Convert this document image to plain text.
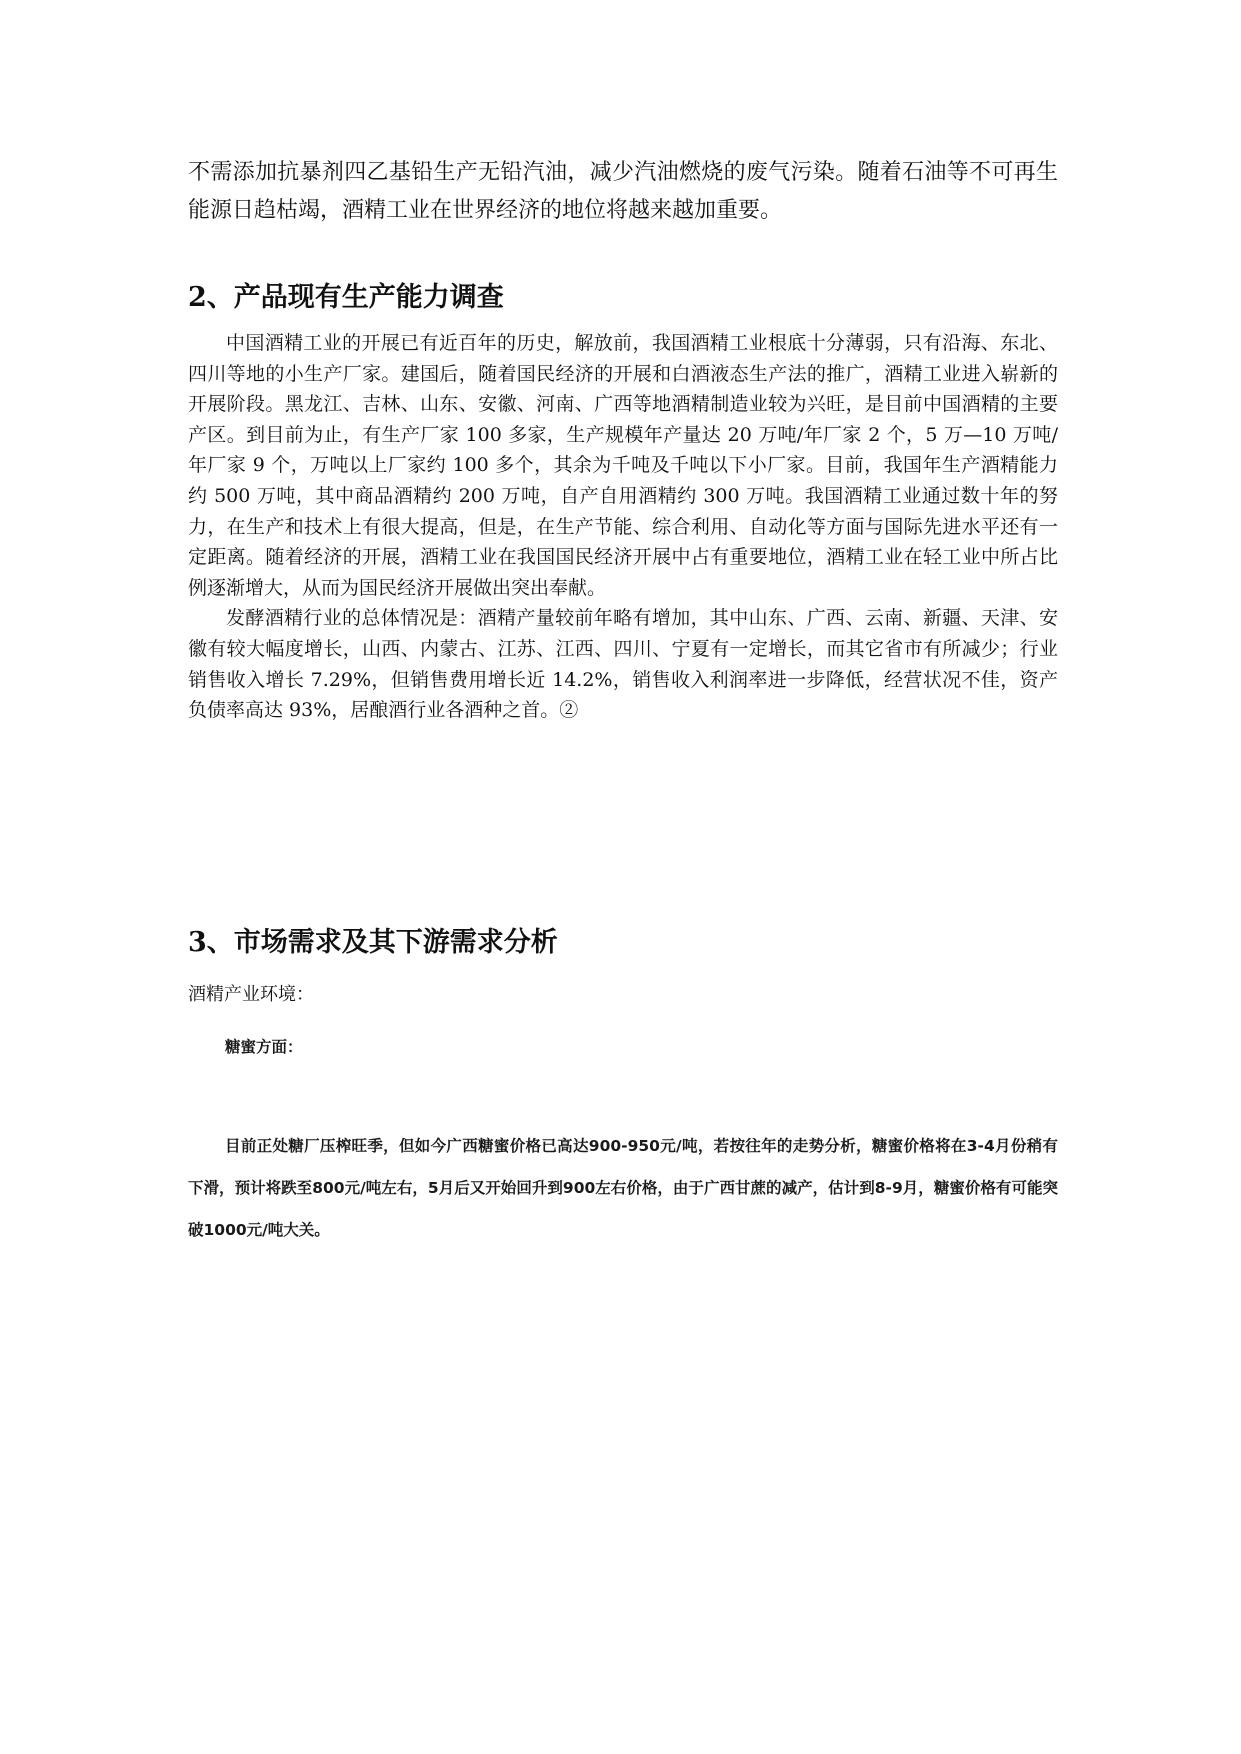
不需添加抗暴剂四乙基铅生产无铅汽油，减少汽油燃烧的废气污染。随着石油等不可再生能源日趋枯竭，酒精工业在世界经济的地位将越来越加重要。

2、产品现有生产能力调查

中国酒精工业的开展已有近百年的历史，解放前，我国酒精工业根底十分薄弱，只有沿海、东北、四川等地的小生产厂家。建国后，随着国民经济的开展和白酒液态生产法的推广，酒精工业进入崭新的开展阶段。黑龙江、吉林、山东、安徽、河南、广西等地酒精制造业较为兴旺，是目前中国酒精的主要产区。到目前为止，有生产厂家 100 多家，生产规模年产量达 20 万吨/年厂家 2 个，5 万—10 万吨/年厂家 9 个，万吨以上厂家约 100 多个，其余为千吨及千吨以下小厂家。目前，我国年生产酒精能力约 500 万吨，其中商品酒精约 200 万吨，自产自用酒精约 300 万吨。我国酒精工业通过数十年的努力，在生产和技术上有很大提高，但是，在生产节能、综合利用、自动化等方面与国际先进水平还有一定距离。随着经济的开展，酒精工业在我国国民经济开展中占有重要地位，酒精工业在轻工业中所占比例逐渐增大，从而为国民经济开展做出突出奉献。

发酵酒精行业的总体情况是：酒精产量较前年略有增加，其中山东、广西、云南、新疆、天津、安徽有较大幅度增长，山西、内蒙古、江苏、江西、四川、宁夏有一定增长，而其它省市有所减少；行业销售收入增长 7.29%，但销售费用增长近 14.2%，销售收入利润率进一步降低，经营状况不佳，资产负债率高达 93%，居酿酒行业各酒种之首。②

3、市场需求及其下游需求分析
酒精产业环境：
糖蜜方面：
目前正处糖厂压榨旺季，但如今广西糖蜜价格已高达900-950元/吨，若按往年的走势分析，糖蜜价格将在3-4月份稍有下滑，预计将跌至800元/吨左右，5月后又开始回升到900左右价格，由于广西甘蔗的减产，估计到8-9月，糖蜜价格有可能突破1000元/吨大关。
